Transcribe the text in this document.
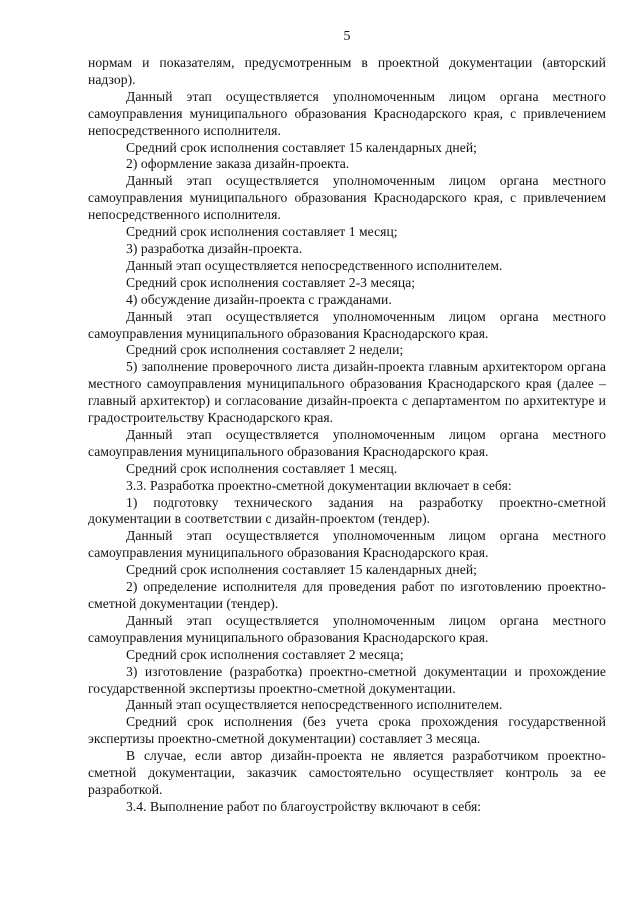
5

нормам и показателям, предусмотренным в проектной документации (авторский надзор).

Данный этап осуществляется уполномоченным лицом органа местного самоуправления муниципального образования Краснодарского края, с привлечением непосредственного исполнителя.

Средний срок исполнения составляет 15 календарных дней;

2) оформление заказа дизайн-проекта.

Данный этап осуществляется уполномоченным лицом органа местного самоуправления муниципального образования Краснодарского края, с привлечением непосредственного исполнителя.

Средний срок исполнения составляет 1 месяц;

3) разработка дизайн-проекта.

Данный этап осуществляется непосредственного исполнителем.

Средний срок исполнения составляет 2-3 месяца;

4) обсуждение дизайн-проекта с гражданами.

Данный этап осуществляется уполномоченным лицом органа местного самоуправления муниципального образования Краснодарского края.

Средний срок исполнения составляет 2 недели;

5) заполнение проверочного листа дизайн-проекта главным архитектором органа местного самоуправления муниципального образования Краснодарского края (далее – главный архитектор) и согласование дизайн-проекта с департаментом по архитектуре и градостроительству Краснодарского края.

Данный этап осуществляется уполномоченным лицом органа местного самоуправления муниципального образования Краснодарского края.

Средний срок исполнения составляет 1 месяц.

3.3. Разработка проектно-сметной документации включает в себя:

1) подготовку технического задания на разработку проектно-сметной документации в соответствии с дизайн-проектом (тендер).

Данный этап осуществляется уполномоченным лицом органа местного самоуправления муниципального образования Краснодарского края.

Средний срок исполнения составляет 15 календарных дней;

2) определение исполнителя для проведения работ по изготовлению проектно-сметной документации (тендер).

Данный этап осуществляется уполномоченным лицом органа местного самоуправления муниципального образования Краснодарского края.

Средний срок исполнения составляет 2 месяца;

3) изготовление (разработка) проектно-сметной документации и прохождение государственной экспертизы проектно-сметной документации.

Данный этап осуществляется непосредственного исполнителем.

Средний срок исполнения (без учета срока прохождения государственной экспертизы проектно-сметной документации) составляет 3 месяца.

В случае, если автор дизайн-проекта не является разработчиком проектно-сметной документации, заказчик самостоятельно осуществляет контроль за ее разработкой.

3.4. Выполнение работ по благоустройству включают в себя:
